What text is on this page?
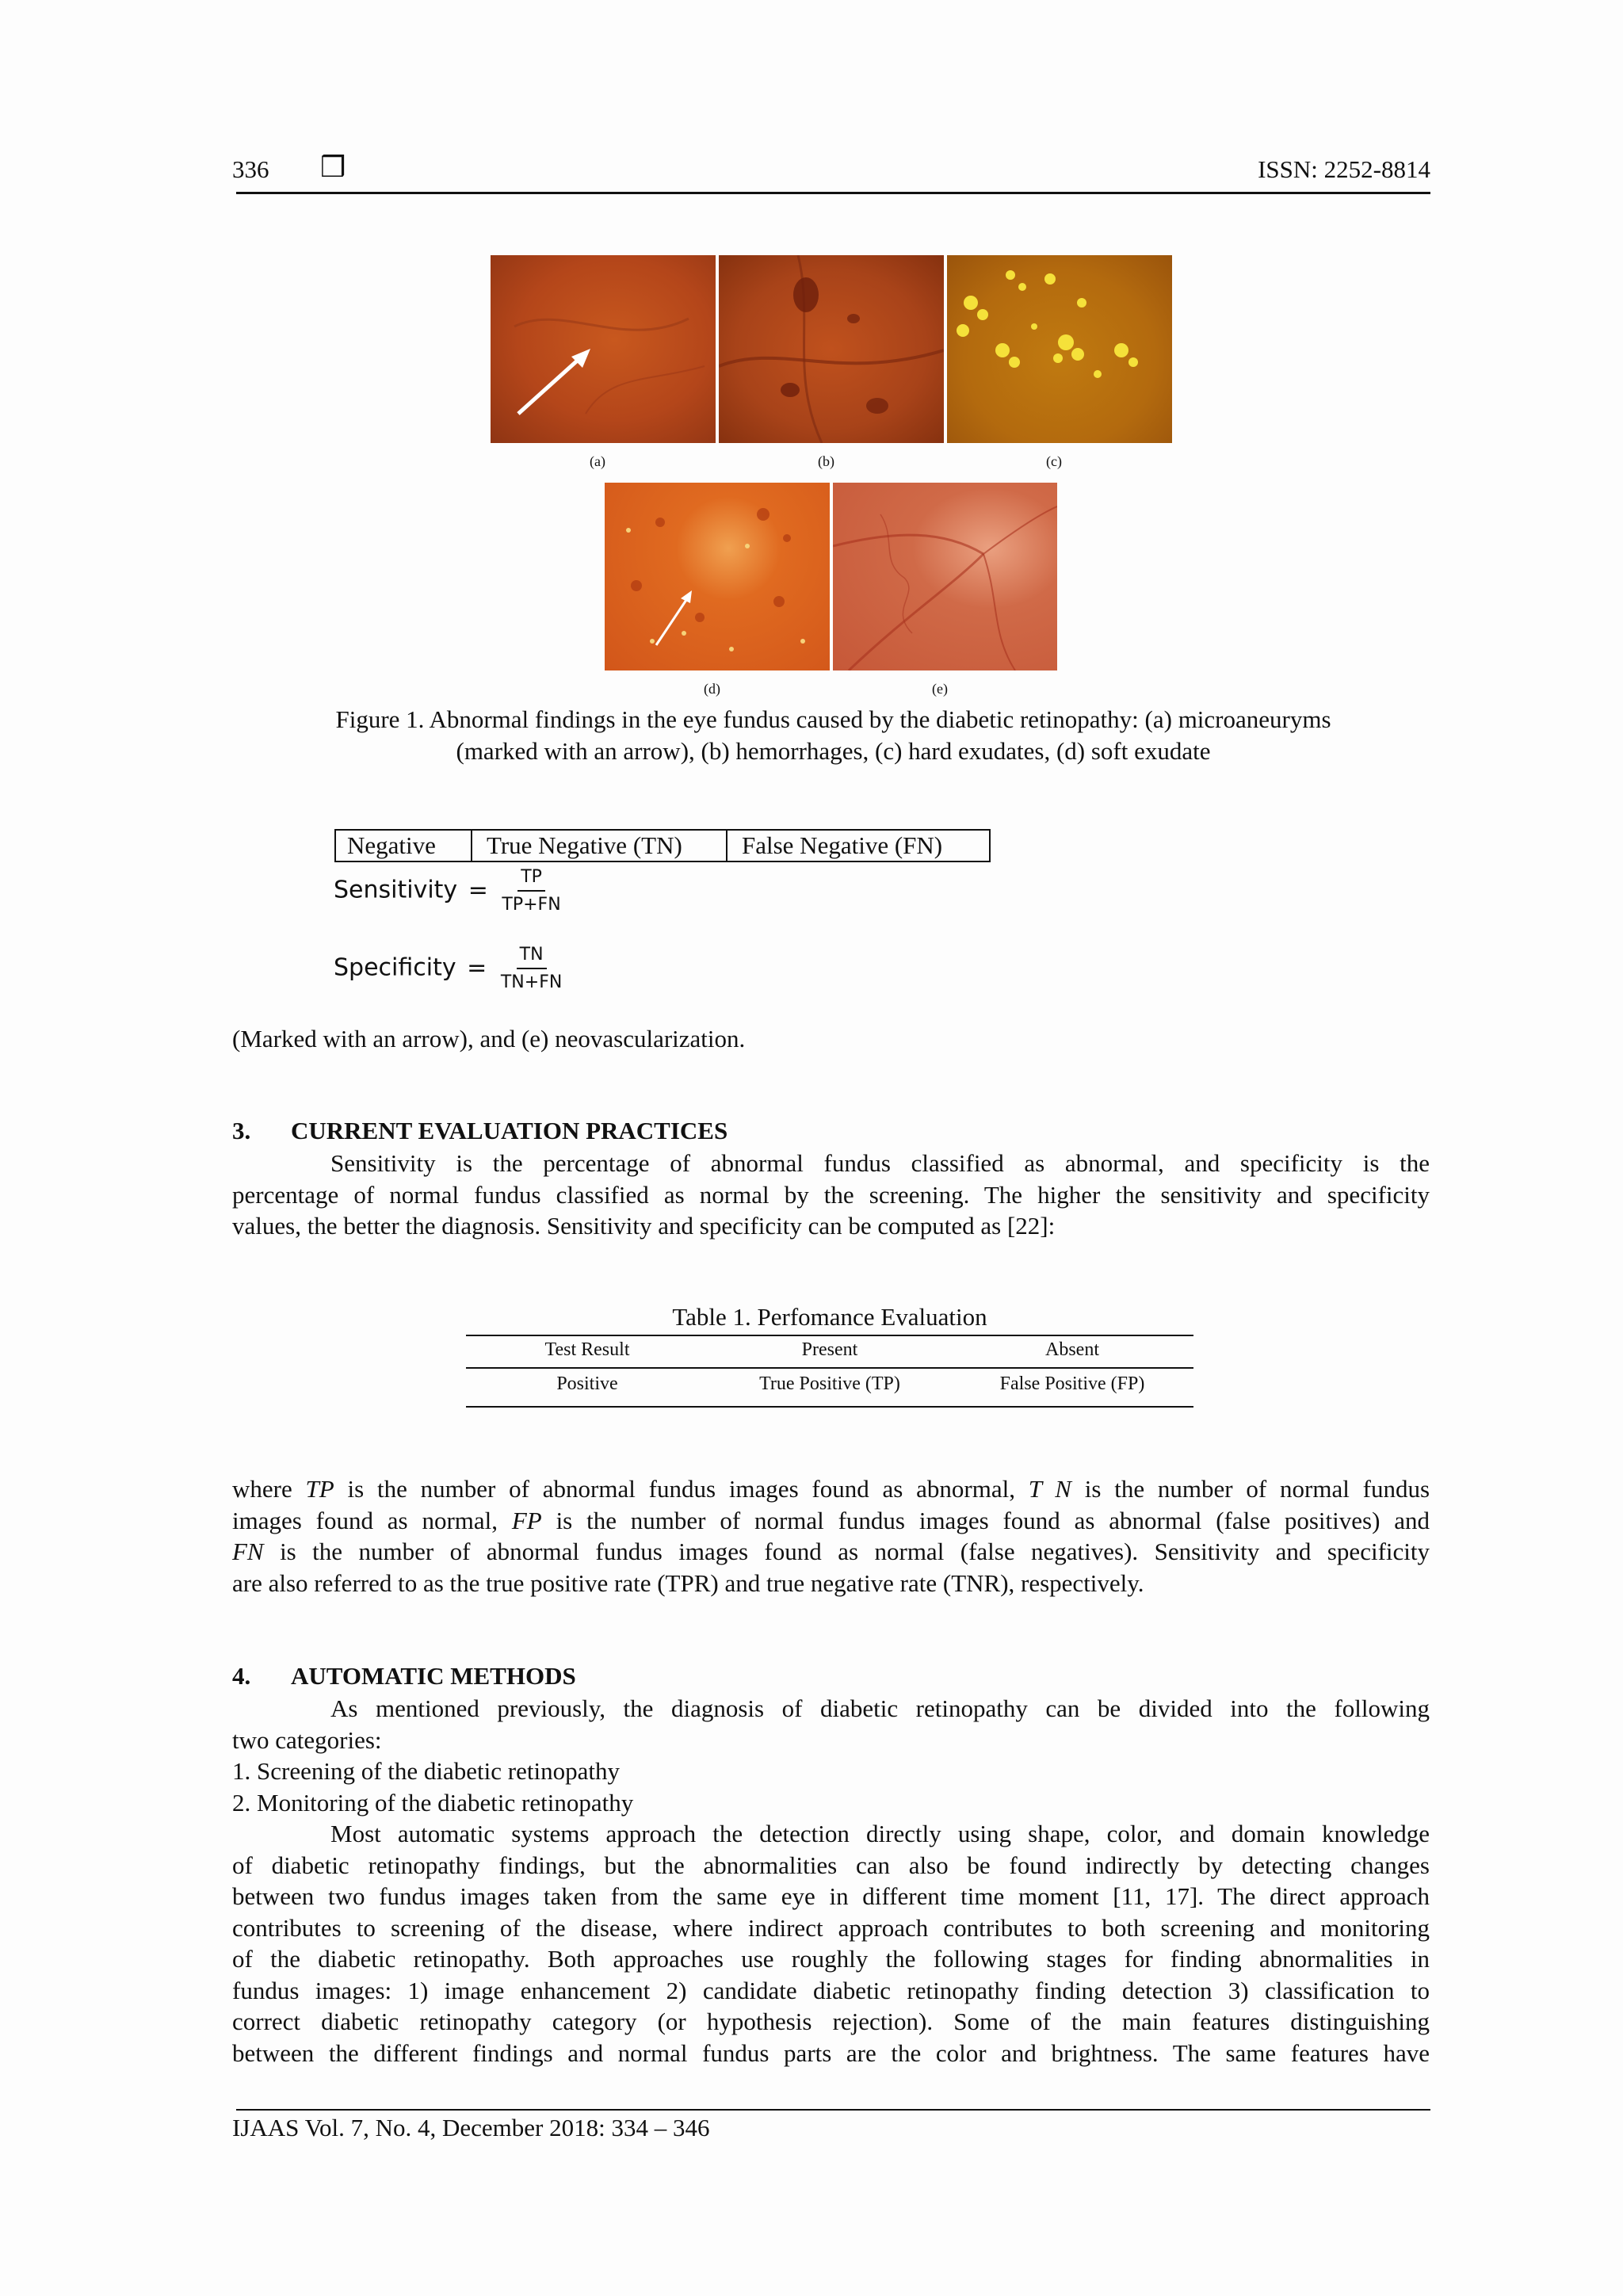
336 ❒	ISSN: 2252-8814
(a)	(b)	(c)
(d)	(e)
Figure 1. Abnormal findings in the eye fundus caused by the diabetic retinopathy: (a) microaneuryms
(marked with an arrow), (b) hemorrhages, (c) hard exudates, (d) soft exudate
Negative	True Negative (TN)	False Negative (FN)
Sensitivity = $\frac{TP}{TP+FN}$
Specificity = $\frac{TN}{TN+FN}$
(Marked with an arrow), and (e) neovascularization.
3. CURRENT EVALUATION PRACTICES
Sensitivity is the percentage of abnormal fundus classified as abnormal, and specificity is the
percentage of normal fundus classified as normal by the screening. The higher the sensitivity and specificity
values, the better the diagnosis. Sensitivity and specificity can be computed as [22]:
Table 1. Perfomance Evaluation
Test Result	Present	Absent
Positive	True Positive (TP)	False Positive (FP)
where TP is the number of abnormal fundus images found as abnormal, T N is the number of normal fundus
images found as normal, FP is the number of normal fundus images found as abnormal (false positives) and
FN is the number of abnormal fundus images found as normal (false negatives). Sensitivity and specificity
are also referred to as the true positive rate (TPR) and true negative rate (TNR), respectively.
4. AUTOMATIC METHODS
As mentioned previously, the diagnosis of diabetic retinopathy can be divided into the following
two categories:
1. Screening of the diabetic retinopathy
2. Monitoring of the diabetic retinopathy
Most automatic systems approach the detection directly using shape, color, and domain knowledge
of diabetic retinopathy findings, but the abnormalities can also be found indirectly by detecting changes
between two fundus images taken from the same eye in different time moment [11, 17]. The direct approach
contributes to screening of the disease, where indirect approach contributes to both screening and monitoring
of the diabetic retinopathy. Both approaches use roughly the following stages for finding abnormalities in
fundus images: 1) image enhancement 2) candidate diabetic retinopathy finding detection 3) classification to
correct diabetic retinopathy category (or hypothesis rejection). Some of the main features distinguishing
between the different findings and normal fundus parts are the color and brightness. The same features have
IJAAS Vol. 7, No. 4, December 2018: 334 – 346
